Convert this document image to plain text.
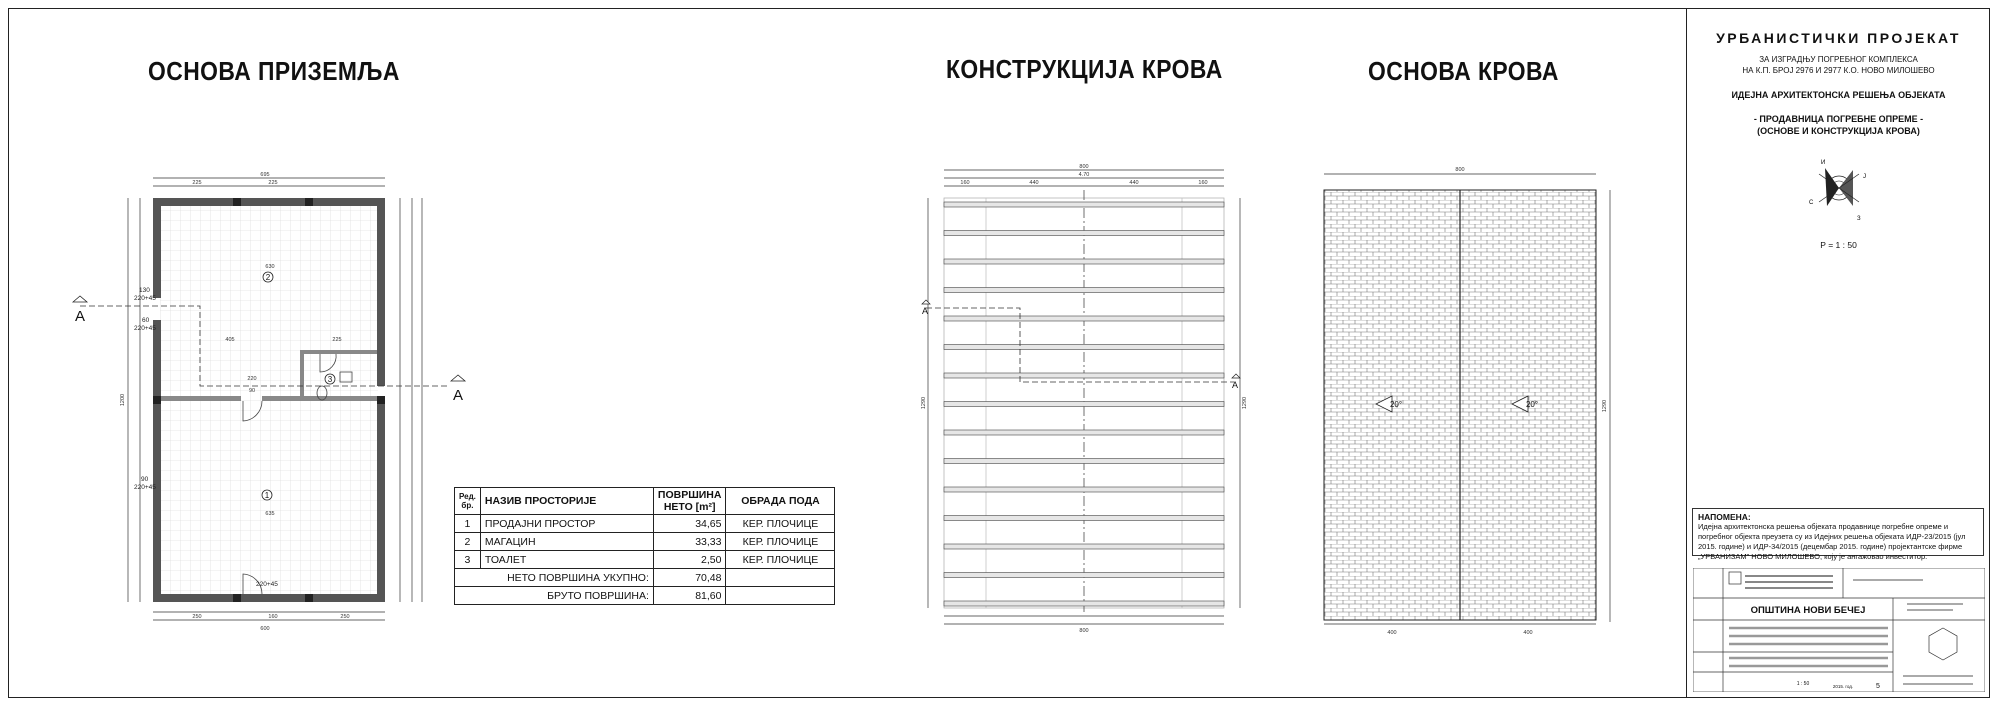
ОСНОВА ПРИЗЕМЉА	КОНСТРУКЦИЈА КРОВА	ОСНОВА КРОВА
695
225	225
250	160	250
600
1200
630
635
405	225
90
220
130
220+45
60
220+45
90
220+45
220+45
2
1
3
A
A
Ред. бр.	НАЗИВ ПРОСТОРИЈЕ	ПОВРШИНА НЕТО [m²]	ОБРАДА ПОДА
1	ПРОДАЈНИ ПРОСТОР	34,65	КЕР. ПЛОЧИЦЕ
2	МАГАЦИН	33,33	КЕР. ПЛОЧИЦЕ
3	ТОАЛЕТ	2,50	КЕР. ПЛОЧИЦЕ
	НЕТО ПОВРШИНА УКУПНО:	70,48	
	БРУТО ПОВРШИНА:	81,60	
A
A
800
4.70
160	440	440	160
800
1290	1290	20°	20°
800
400	400
1290
УРБАНИСТИЧКИ ПРОЈЕКАТ
ЗА ИЗГРАДЊУ ПОГРЕБНОГ КОМПЛЕКСА
НА К.П. БРОЈ 2976 И 2977 К.О. НОВО МИЛОШЕВО
ИДЕЈНА АРХИТЕКТОНСКА РЕШЕЊА ОБЈЕКАТА
- ПРОДАВНИЦА ПОГРЕБНЕ ОПРЕМЕ -
(ОСНОВЕ И КОНСТРУКЦИЈА КРОВА)
И
Ј
З
С
Р = 1 : 50
ОПШТИНА НОВИ БЕЧЕЈ
1 : 50	2015. год.	5
НАПОМЕНА:
Идејна архитектонска решења објеката продавнице погребне опреме и погребног објекта преузета су из Идејних решења објеката ИДР-23/2015 (јул 2015. године) и ИДР-34/2015 (децембар 2015. године) пројектантске фирме „УРБАНИЗАМ” НОВО МИЛОШЕВО, коју је ангажовао инвеститор.
